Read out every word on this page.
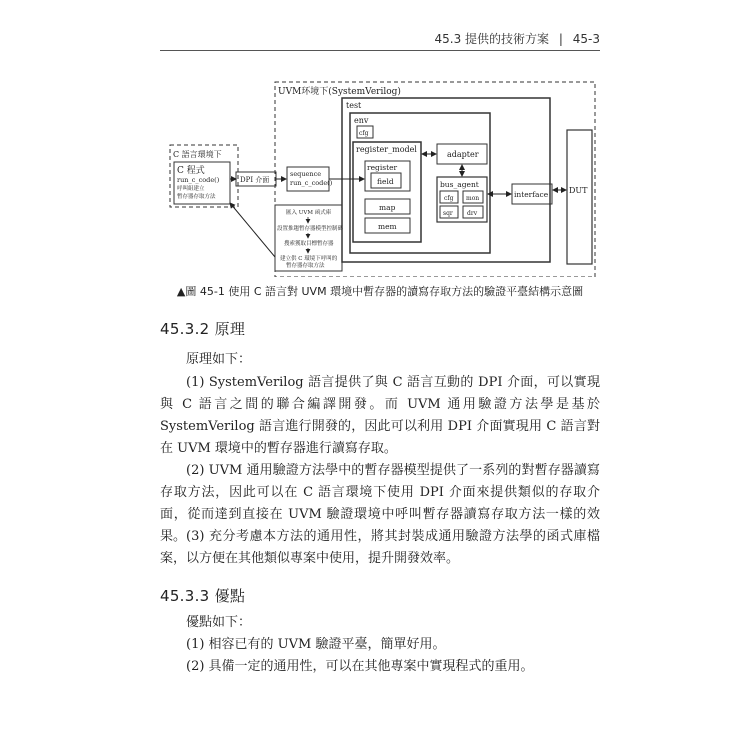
45.3 提供的技術方案 | 45-3
UVM环境下(SystemVerilog)
C 語言環境下
C 程式
run_c_code()
呼叫組建立
暫存器存取方法
DPI 介面
sequence
run_c_code()
匯入 UVM 函式庫
設置推趨暫存器模型控制碼
搜索獲取目標暫存器
建立供 C 環境下呼叫的
暫存器存取方法
test
env
cfg
register_model
register
field
map
mem
adapter
bus_agent
cfg mon
sqr drv
interface	DUT
▲圖 45-1 使用 C 語言對 UVM 環境中暫存器的讀寫存取方法的驗證平臺結構示意圖
45.3.2 原理

原理如下：

(1) SystemVerilog 語言提供了與 C 語言互動的 DPI 介面，可以實現與 C 語言之間的聯合編譯開發。而 UVM 通用驗證方法學是基於 SystemVerilog 語言進行開發的，因此可以利用 DPI 介面實現用 C 語言對在 UVM 環境中的暫存器進行讀寫存取。

(2) UVM 通用驗證方法學中的暫存器模型提供了一系列的對暫存器讀寫存取方法，因此可以在 C 語言環境下使用 DPI 介面來提供類似的存取介面，從而達到直接在 UVM 驗證環境中呼叫暫存器讀寫存取方法一樣的效果。 (3) 充分考慮本方法的通用性，將其封裝成通用驗證方法學的函式庫檔案，以方便在其他類似專案中使用，提升開發效率。

45.3.3 優點

優點如下：

(1) 相容已有的 UVM 驗證平臺，簡單好用。

(2) 具備一定的通用性，可以在其他專案中實現程式的重用。
